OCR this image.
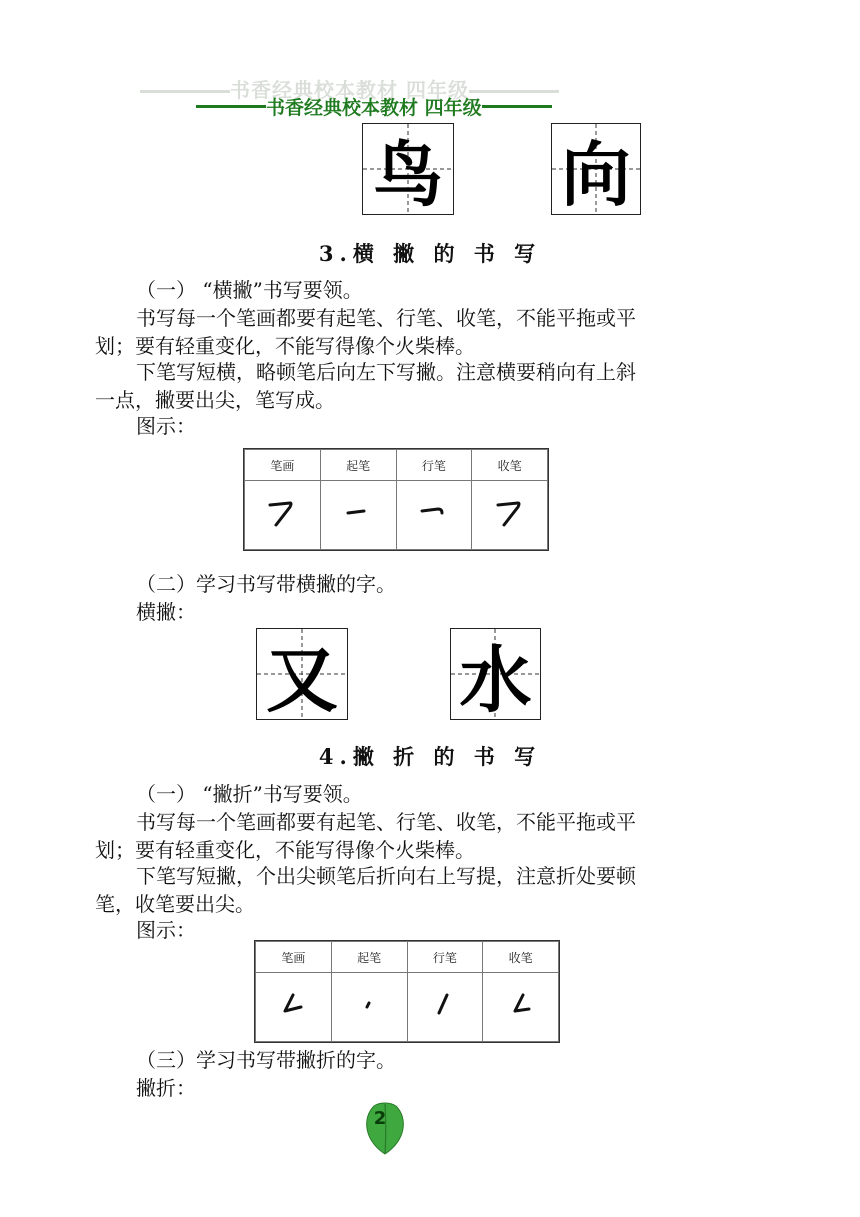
书香经典校本教材 四年级
书香经典校本教材 四年级
鸟 向
3.横 撇 的 书 写
（一） “横撇”书写要领。
书写每一个笔画都要有起笔、行笔、收笔，不能平拖或平
划；要有轻重变化，不能写得像个火柴棒。
下笔写短横，略顿笔后向左下写撇。注意横要稍向有上斜
一点，撇要出尖，笔写成。
图示：
笔画	起笔	行笔	收笔

（二）学习书写带横撇的字。
横撇：
又 水
4.撇 折 的 书 写
（一） “撇折”书写要领。
书写每一个笔画都要有起笔、行笔、收笔，不能平拖或平
划；要有轻重变化，不能写得像个火柴棒。
下笔写短撇，个出尖顿笔后折向右上写提，注意折处要顿
笔，收笔要出尖。
图示：
笔画	起笔	行笔	收笔

（三）学习书写带撇折的字。
撇折：
2
